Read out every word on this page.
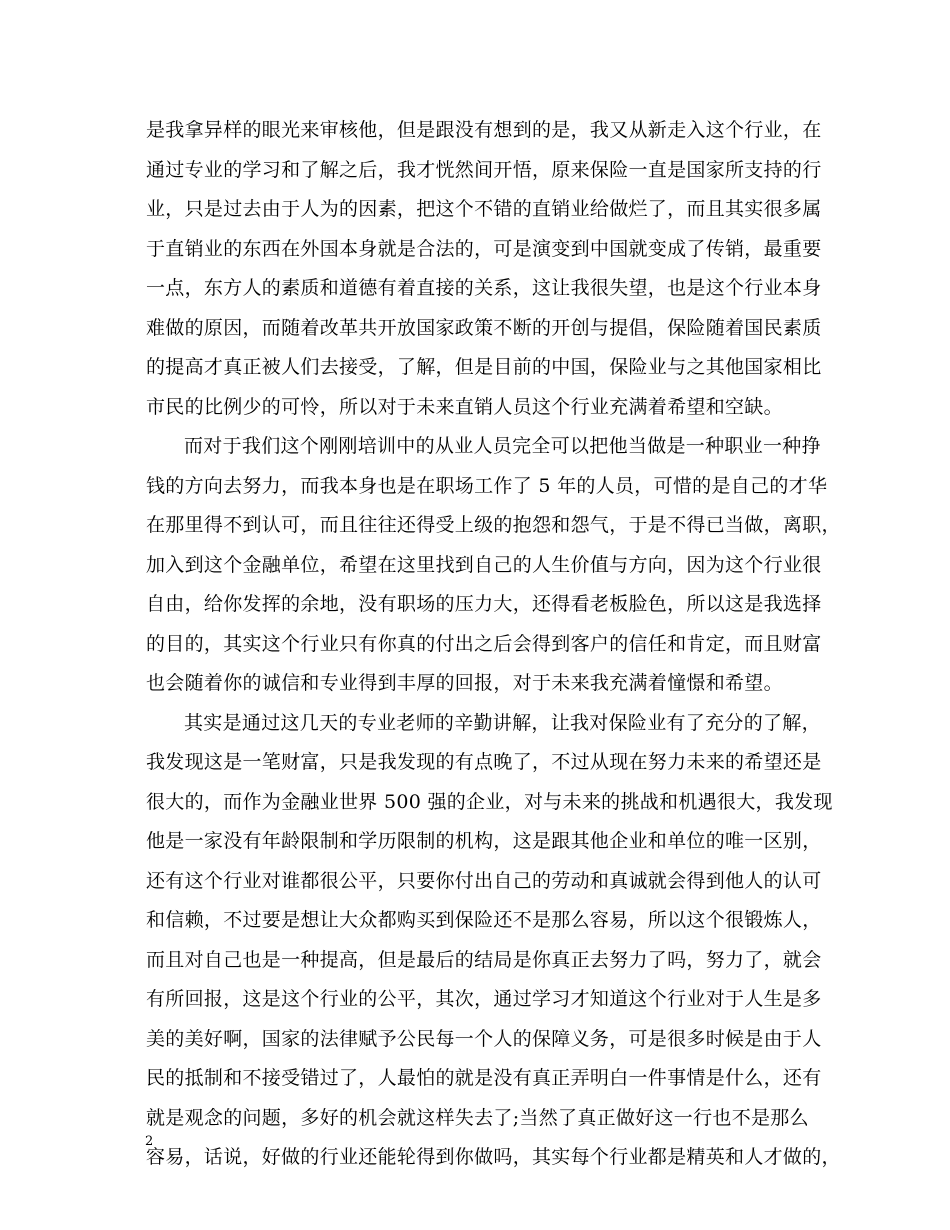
是我拿异样的眼光来审核他，但是跟没有想到的是，我又从新走入这个行业，在
通过专业的学习和了解之后，我才恍然间开悟，原来保险一直是国家所支持的行
业，只是过去由于人为的因素，把这个不错的直销业给做烂了，而且其实很多属
于直销业的东西在外国本身就是合法的，可是演变到中国就变成了传销，最重要
一点，东方人的素质和道德有着直接的关系，这让我很失望，也是这个行业本身
难做的原因，而随着改革共开放国家政策不断的开创与提倡，保险随着国民素质
的提高才真正被人们去接受，了解，但是目前的中国，保险业与之其他国家相比
市民的比例少的可怜，所以对于未来直销人员这个行业充满着希望和空缺。
而对于我们这个刚刚培训中的从业人员完全可以把他当做是一种职业一种挣
钱的方向去努力，而我本身也是在职场工作了 5 年的人员，可惜的是自己的才华
在那里得不到认可，而且往往还得受上级的抱怨和怨气，于是不得已当做，离职，
加入到这个金融单位，希望在这里找到自己的人生价值与方向，因为这个行业很
自由，给你发挥的余地，没有职场的压力大，还得看老板脸色，所以这是我选择
的目的，其实这个行业只有你真的付出之后会得到客户的信任和肯定，而且财富
也会随着你的诚信和专业得到丰厚的回报，对于未来我充满着憧憬和希望。
其实是通过这几天的专业老师的辛勤讲解，让我对保险业有了充分的了解，
我发现这是一笔财富，只是我发现的有点晚了，不过从现在努力未来的希望还是
很大的，而作为金融业世界 500 强的企业，对与未来的挑战和机遇很大，我发现
他是一家没有年龄限制和学历限制的机构，这是跟其他企业和单位的唯一区别，
还有这个行业对谁都很公平，只要你付出自己的劳动和真诚就会得到他人的认可
和信赖，不过要是想让大众都购买到保险还不是那么容易，所以这个很锻炼人，
而且对自己也是一种提高，但是最后的结局是你真正去努力了吗，努力了，就会
有所回报，这是这个行业的公平，其次，通过学习才知道这个行业对于人生是多
美的美好啊，国家的法律赋予公民每一个人的保障义务，可是很多时候是由于人
民的抵制和不接受错过了，人最怕的就是没有真正弄明白一件事情是什么，还有
就是观念的问题，多好的机会就这样失去了;当然了真正做好这一行也不是那么
容易，话说，好做的行业还能轮得到你做吗，其实每个行业都是精英和人才做的，
2
